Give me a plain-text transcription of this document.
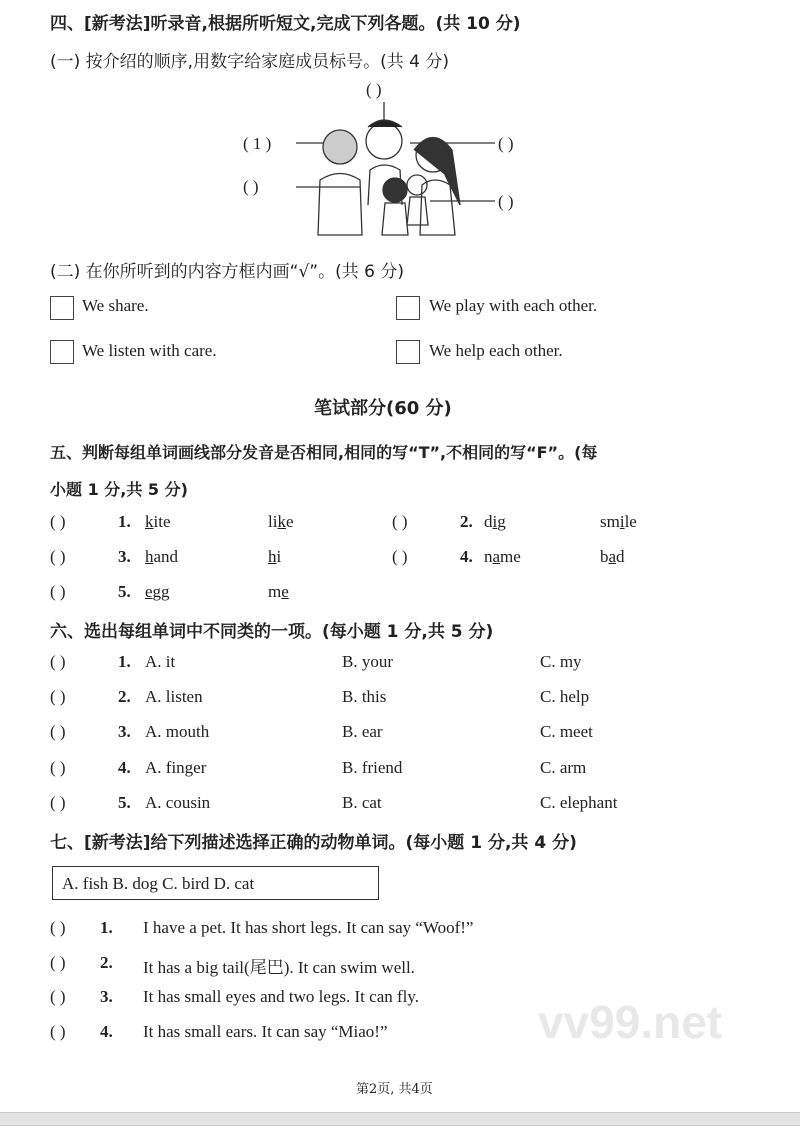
vv99.net
四、[新考法]听录音,根据所听短文,完成下列各题。(共 10 分)
(一) 按介绍的顺序,用数字给家庭成员标号。(共 4 分)
( )
( 1 )	( )
( )
( )
(二) 在你所听到的内容方框内画“√”。(共 6 分)
We share.	We play with each other.
We listen with care.	We help each other.
笔试部分(60 分)
五、判断每组单词画线部分发音是否相同,相同的写“T”,不相同的写“F”。(每
小题 1 分,共 5 分)
六、选出每组单词中不同类的一项。(每小题 1 分,共 5 分)
七、[新考法]给下列描述选择正确的动物单词。(每小题 1 分,共 4 分)
A. fish B. dog C. bird D. cat
第2页, 共4页
( )	1. kite	like	( )	2. dig	smile
( )	3. hand	hi	( )	4. name	bad
( )	5. egg	me
( )	1. A. it	B. your	C. my
( )	2. A. listen	B. this	C. help
( )	3. A. mouth	B. ear	C. meet
( )	4. A. finger	B. friend	C. arm
( )	5. A. cousin	B. cat	C. elephant
( ) 1. I have a pet. It has short legs. It can say “Woof!”
( ) 2. It has a big tail(尾巴). It can swim well.
( ) 3. It has small eyes and two legs. It can fly.
( ) 4. It has small ears. It can say “Miao!”
